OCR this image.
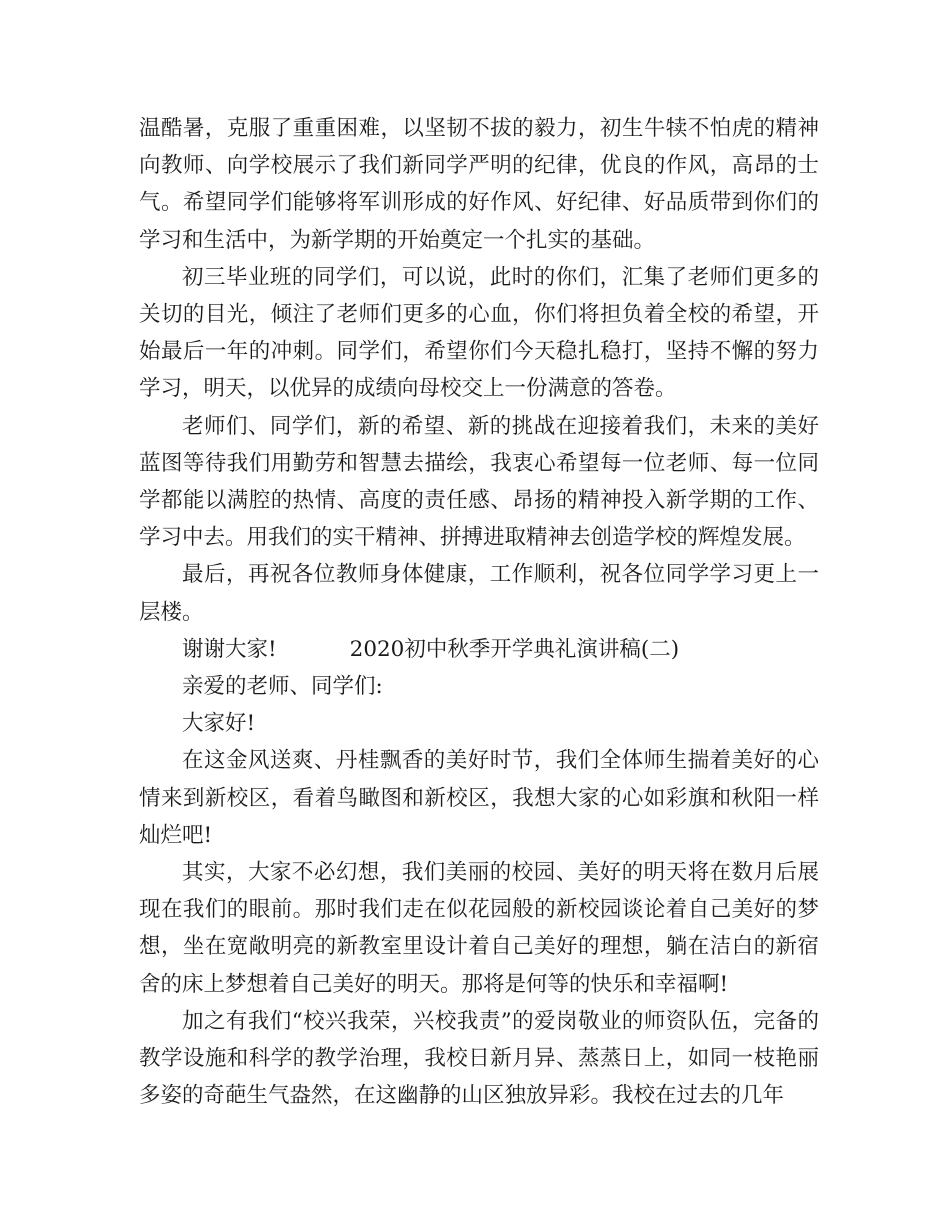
温酷暑，克服了重重困难，以坚韧不拔的毅力，初生牛犊不怕虎的精神向教师、向学校展示了我们新同学严明的纪律，优良的作风，高昂的士气。希望同学们能够将军训形成的好作风、好纪律、好品质带到你们的学习和生活中，为新学期的开始奠定一个扎实的基础。

初三毕业班的同学们，可以说，此时的你们，汇集了老师们更多的关切的目光，倾注了老师们更多的心血，你们将担负着全校的希望，开始最后一年的冲刺。同学们，希望你们今天稳扎稳打，坚持不懈的努力学习，明天，以优异的成绩向母校交上一份满意的答卷。

老师们、同学们，新的希望、新的挑战在迎接着我们，未来的美好蓝图等待我们用勤劳和智慧去描绘，我衷心希望每一位老师、每一位同学都能以满腔的热情、高度的责任感、昂扬的精神投入新学期的工作、学习中去。用我们的实干精神、拼搏进取精神去创造学校的辉煌发展。

最后，再祝各位教师身体健康，工作顺利，祝各位同学学习更上一层楼。

谢谢大家!	2020初中秋季开学典礼演讲稿(二)

亲爱的老师、同学们:

大家好!

在这金风送爽、丹桂飘香的美好时节，我们全体师生揣着美好的心情来到新校区，看着鸟瞰图和新校区，我想大家的心如彩旗和秋阳一样灿烂吧!

其实，大家不必幻想，我们美丽的校园、美好的明天将在数月后展现在我们的眼前。那时我们走在似花园般的新校园谈论着自己美好的梦想，坐在宽敞明亮的新教室里设计着自己美好的理想，躺在洁白的新宿舍的床上梦想着自己美好的明天。那将是何等的快乐和幸福啊!

加之有我们“校兴我荣，兴校我责”的爱岗敬业的师资队伍，完备的教学设施和科学的教学治理，我校日新月异、蒸蒸日上，如同一枝艳丽多姿的奇葩生气盎然，在这幽静的山区独放异彩。我校在过去的几年
